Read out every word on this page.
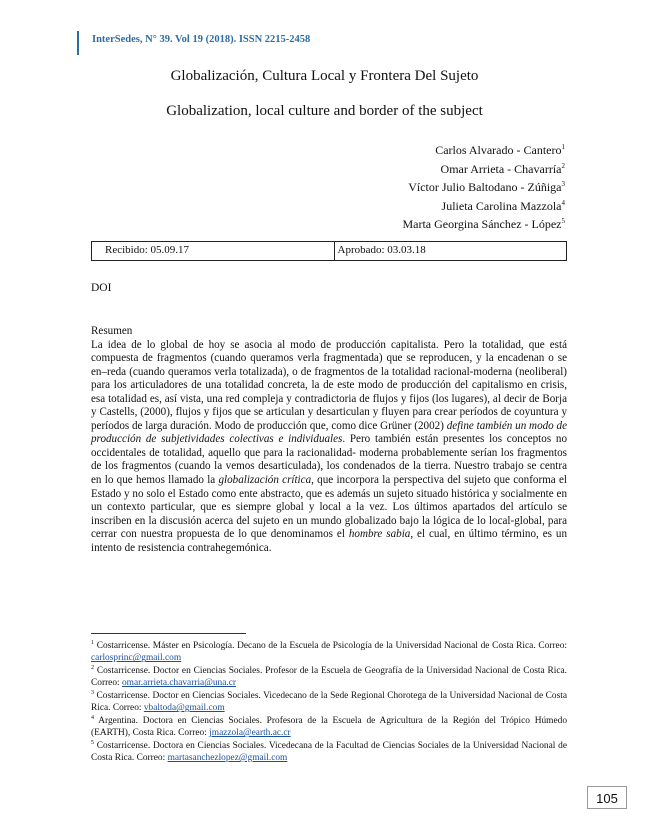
InterSedes, N° 39. Vol 19 (2018). ISSN 2215-2458
Globalización, Cultura Local y Frontera Del Sujeto
Globalization, local culture and border of the subject
Carlos Alvarado - Cantero$^1$
Omar Arrieta - Chavarría$^2$
Víctor Julio Baltodano - Zúñiga$^3$
Julieta Carolina Mazzola$^4$
Marta Georgina Sánchez - López$^5$
Recibido: 05.09.17	Aprobado: 03.03.18
DOI
Resumen

La idea de lo global de hoy se asocia al modo de producción capitalista. Pero la totalidad, que está compuesta de fragmentos (cuando queramos verla fragmentada) que se reproducen, y la encadenan o se en–reda (cuando queramos verla totalizada), o de fragmentos de la totalidad racional-moderna (neoliberal) para los articuladores de una totalidad concreta, la de este modo de producción del capitalismo en crisis, esa totalidad es, así vista, una red compleja y contradictoria de flujos y fijos (los lugares), al decir de Borja y Castells, (2000), flujos y fijos que se articulan y desarticulan y fluyen para crear períodos de coyuntura y períodos de larga duración. Modo de producción que, como dice Grüner (2002) define también un modo de producción de subjetividades colectivas e individuales. Pero también están presentes los conceptos no occidentales de totalidad, aquello que para la racionalidad- moderna probablemente serían los fragmentos de los fragmentos (cuando la vemos desarticulada), los condenados de la tierra. Nuestro trabajo se centra en lo que hemos llamado la globalización crítica, que incorpora la perspectiva del sujeto que conforma el Estado y no solo el Estado como ente abstracto, que es además un sujeto situado histórica y socialmente en un contexto particular, que es siempre global y local a la vez. Los últimos apartados del artículo se inscriben en la discusión acerca del sujeto en un mundo globalizado bajo la lógica de lo local-global, para cerrar con nuestra propuesta de lo que denominamos el hombre sabia, el cual, en último término, es un intento de resistencia contrahegemónica.

$^1$ Costarricense. Máster en Psicología. Decano de la Escuela de Psicología de la Universidad Nacional de Costa Rica. Correo: carlosprinc@gmail.com
$^2$ Costarricense. Doctor en Ciencias Sociales. Profesor de la Escuela de Geografía de la Universidad Nacional de Costa Rica. Correo: omar.arrieta.chavarria@una.cr
$^3$ Costarricense. Doctor en Ciencias Sociales. Vicedecano de la Sede Regional Chorotega de la Universidad Nacional de Costa Rica. Correo: vbaltoda@gmail.com
$^4$ Argentina. Doctora en Ciencias Sociales. Profesora de la Escuela de Agricultura de la Región del Trópico Húmedo (EARTH), Costa Rica. Correo: jmazzola@earth.ac.cr
$^5$ Costarricense. Doctora en Ciencias Sociales. Vicedecana de la Facultad de Ciencias Sociales de la Universidad Nacional de Costa Rica. Correo: martasanchezlopez@gmail.com
105
